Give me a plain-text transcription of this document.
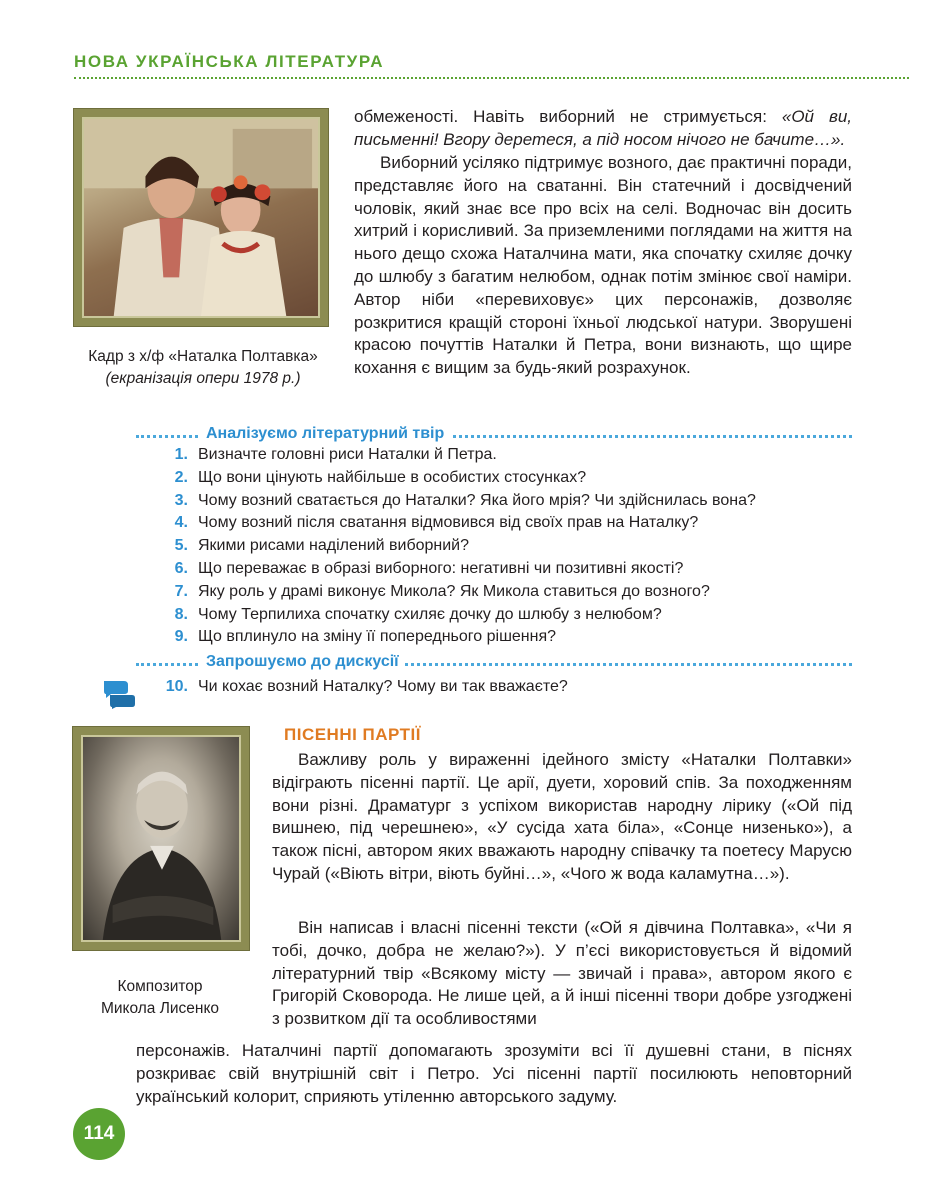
НОВА УКРАЇНСЬКА ЛІТЕРАТУРА
Кадр з х/ф «Наталка Полтавка»
(екранізація опери 1978 р.)
обмеженості. Навіть виборний не стримується: «Ой ви, письменні! Вгору деретеся, а під носом нічого не бачите…».
Виборний усіляко підтримує возного, дає практичні поради, представляє його на сватанні. Він статечний і досвідчений чоловік, який знає все про всіх на селі. Водночас він досить хитрий і корисливий. За приземленими поглядами на життя на нього дещо схожа Наталчина мати, яка спочатку схиляє дочку до шлюбу з багатим нелюбом, однак потім змінює свої наміри. Автор ніби «перевиховує» цих персонажів, дозволяє розкритися кращій стороні їхньої людської натури. Зворушені красою почуттів Наталки й Петра, вони визнають, що щире кохання є вищим за будь-який розрахунок.
Аналізуємо літературний твір
1. Визначте головні риси Наталки й Петра.
2. Що вони цінують найбільше в особистих стосунках?
3. Чому возний сватається до Наталки? Яка його мрія? Чи здійснилась вона?
4. Чому возний після сватання відмовився від своїх прав на Наталку?
5. Якими рисами наділений виборний?
6. Що переважає в образі виборного: негативні чи позитивні якості?
7. Яку роль у драмі виконує Микола? Як Микола ставиться до возного?
8. Чому Терпилиха спочатку схиляє дочку до шлюбу з нелюбом?
9. Що вплинуло на зміну її попереднього рішення?
Запрошуємо до дискусії
10. Чи кохає возний Наталку? Чому ви так вважаєте?
Композитор
Микола Лисенко
ПІСЕННІ ПАРТІЇ
Важливу роль у вираженні ідейного змісту «Наталки Полтавки» відіграють пісенні партії. Це арії, дуети, хоровий спів. За походженням вони різні. Драматург з успіхом використав народну лірику («Ой під вишнею, під черешнею», «У сусіда хата біла», «Сонце низенько»), а також пісні, автором яких вважають народну співачку та поетесу Марусю Чурай («Віють вітри, віють буйні…», «Чого ж вода каламутна…»).
Він написав і власні пісенні тексти («Ой я дівчина Полтавка», «Чи я тобі, дочко, добра не желаю?»). У п’єсі використовується й відомий літературний твір «Всякому місту — звичай і права», автором якого є Григорій Сковорода. Не лише цей, а й інші пісенні твори добре узгоджені з розвитком дії та особливостями
персонажів. Наталчині партії допомагають зрозуміти всі її душевні стани, в піснях розкриває свій внутрішній світ і Петро. Усі пісенні партії посилюють неповторний український колорит, сприяють утіленню авторського задуму.
114
